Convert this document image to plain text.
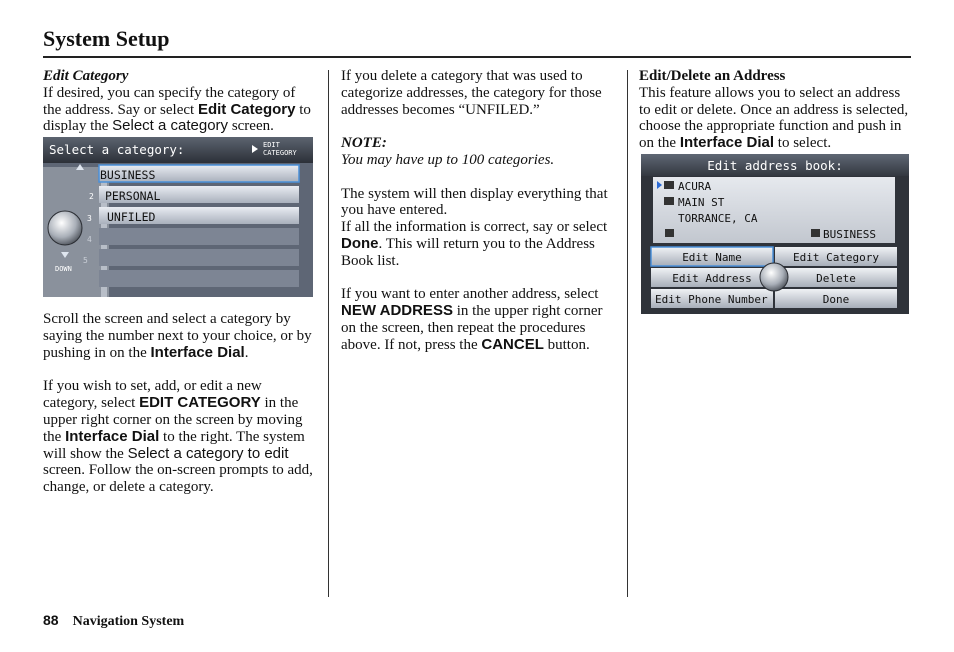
System Setup
Edit Category
If desired, you can specify the category of the address. Say or select Edit Category to display the Select a category screen.
Select a category:	EDIT
CATEGORY
BUSINESS
PERSONAL
UNFILED
2
3
4
5
DOWN
Scroll the screen and select a category by saying the number next to your choice, or by pushing in on the Interface Dial.
If you wish to set, add, or edit a new category, select EDIT CATEGORY in the upper right corner on the screen by moving the Interface Dial to the right. The system will show the Select a category to edit screen. Follow the on-screen prompts to add, change, or delete a category.
If you delete a category that was used to categorize addresses, the category for those addresses becomes “UNFILED.”
NOTE:
You may have up to 100 categories.
The system will then display everything that you have entered.
If all the information is correct, say or select Done. This will return you to the Address Book list.
If you want to enter another address, select NEW ADDRESS in the upper right corner on the screen, then repeat the procedures above. If not, press the CANCEL button.
Edit/Delete an Address
This feature allows you to select an address to edit or delete. Once an address is selected, choose the appropriate function and push in on the Interface Dial to select.
Edit address book:
ACURA
MAIN ST
TORRANCE, CA
BUSINESS
Edit Name	Edit Category
Edit Address	Delete
Edit Phone Number	Done
88 Navigation System
